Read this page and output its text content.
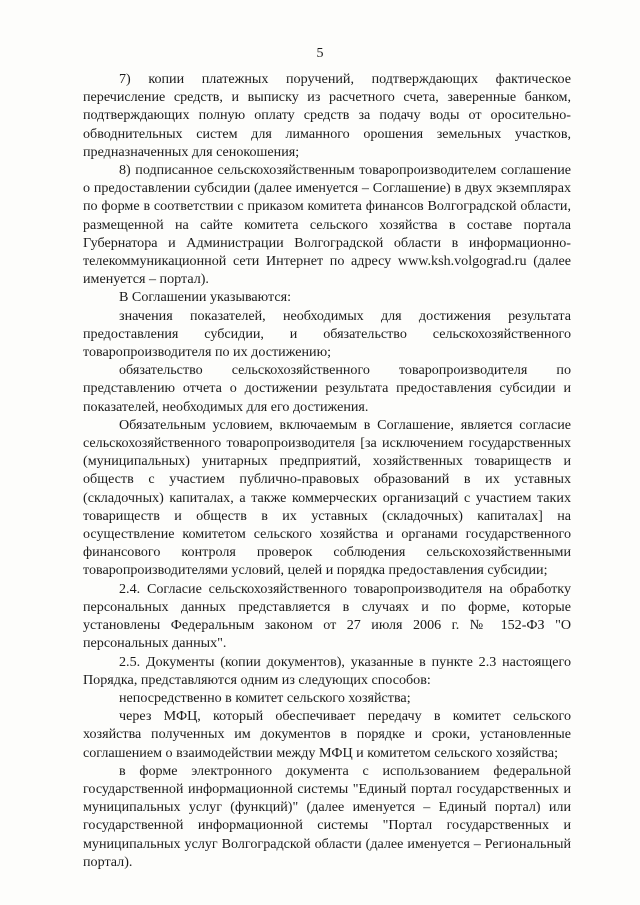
5

7) копии платежных поручений, подтверждающих фактическое перечисление средств, и выписку из расчетного счета, заверенные банком, подтверждающих полную оплату средств за подачу воды от оросительно-обводнительных систем для лиманного орошения земельных участков, предназначенных для сенокошения;

8) подписанное сельскохозяйственным товаропроизводителем соглашение о предоставлении субсидии (далее именуется – Соглашение) в двух экземплярах по форме в соответствии с приказом комитета финансов Волгоградской области, размещенной на сайте комитета сельского хозяйства в составе портала Губернатора и Администрации Волгоградской области в информационно-телекоммуникационной сети Интернет по адресу www.ksh.volgograd.ru (далее именуется – портал).

В Соглашении указываются:

значения показателей, необходимых для достижения результата предоставления субсидии, и обязательство сельскохозяйственного товаропроизводителя по их достижению;

обязательство сельскохозяйственного товаропроизводителя по представлению отчета о достижении результата предоставления субсидии и показателей, необходимых для его достижения.

Обязательным условием, включаемым в Соглашение, является согласие сельскохозяйственного товаропроизводителя [за исключением государственных (муниципальных) унитарных предприятий, хозяйственных товариществ и обществ с участием публично-правовых образований в их уставных (складочных) капиталах, а также коммерческих организаций с участием таких товариществ и обществ в их уставных (складочных) капиталах] на осуществление комитетом сельского хозяйства и органами государственного финансового контроля проверок соблюдения сельскохозяйственными товаропроизводителями условий, целей и порядка предоставления субсидии;

2.4. Согласие сельскохозяйственного товаропроизводителя на обработку персональных данных представляется в случаях и по форме, которые установлены Федеральным законом от 27 июля 2006 г. № 152-ФЗ "О персональных данных".

2.5. Документы (копии документов), указанные в пункте 2.3 настоящего Порядка, представляются одним из следующих способов:

непосредственно в комитет сельского хозяйства;

через МФЦ, который обеспечивает передачу в комитет сельского хозяйства полученных им документов в порядке и сроки, установленные соглашением о взаимодействии между МФЦ и комитетом сельского хозяйства;

в форме электронного документа с использованием федеральной государственной информационной системы "Единый портал государственных и муниципальных услуг (функций)" (далее именуется – Единый портал) или государственной информационной системы "Портал государственных и муниципальных услуг Волгоградской области (далее именуется – Региональный портал).
